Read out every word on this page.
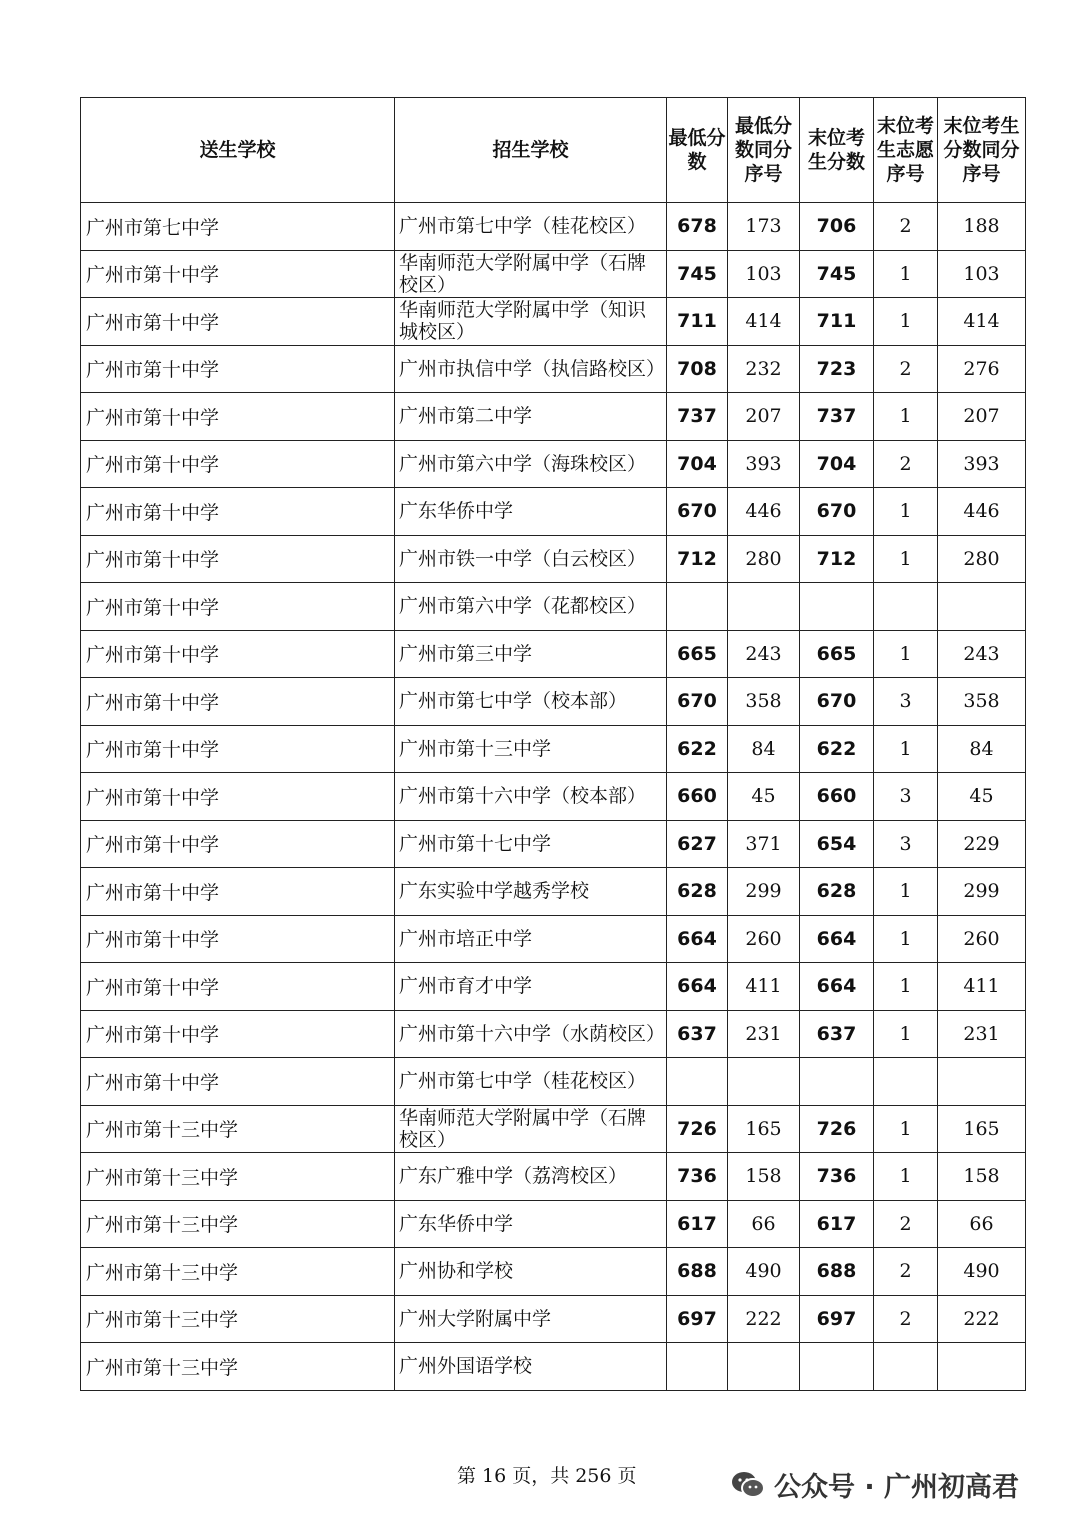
送生学校	招生学校	最低分数	最低分数同分序号	末位考生分数	末位考生志愿序号	末位考生分数同分序号
广州市第七中学	广州市第七中学（桂花校区）	678	173	706	2	188
广州市第十中学	华南师范大学附属中学（石牌校区）	745	103	745	1	103
广州市第十中学	华南师范大学附属中学（知识城校区）	711	414	711	1	414
广州市第十中学	广州市执信中学（执信路校区）	708	232	723	2	276
广州市第十中学	广州市第二中学	737	207	737	1	207
广州市第十中学	广州市第六中学（海珠校区）	704	393	704	2	393
广州市第十中学	广东华侨中学	670	446	670	1	446
广州市第十中学	广州市铁一中学（白云校区）	712	280	712	1	280
广州市第十中学	广州市第六中学（花都校区）					
广州市第十中学	广州市第三中学	665	243	665	1	243
广州市第十中学	广州市第七中学（校本部）	670	358	670	3	358
广州市第十中学	广州市第十三中学	622	84	622	1	84
广州市第十中学	广州市第十六中学（校本部）	660	45	660	3	45
广州市第十中学	广州市第十七中学	627	371	654	3	229
广州市第十中学	广东实验中学越秀学校	628	299	628	1	299
广州市第十中学	广州市培正中学	664	260	664	1	260
广州市第十中学	广州市育才中学	664	411	664	1	411
广州市第十中学	广州市第十六中学（水荫校区）	637	231	637	1	231
广州市第十中学	广州市第七中学（桂花校区）					
广州市第十三中学	华南师范大学附属中学（石牌校区）	726	165	726	1	165
广州市第十三中学	广东广雅中学（荔湾校区）	736	158	736	1	158
广州市第十三中学	广东华侨中学	617	66	617	2	66
广州市第十三中学	广州协和学校	688	490	688	2	490
广州市第十三中学	广州大学附属中学	697	222	697	2	222
广州市第十三中学	广州外国语学校					
第 16 页，共 256 页	公众号 · 广州初高君
